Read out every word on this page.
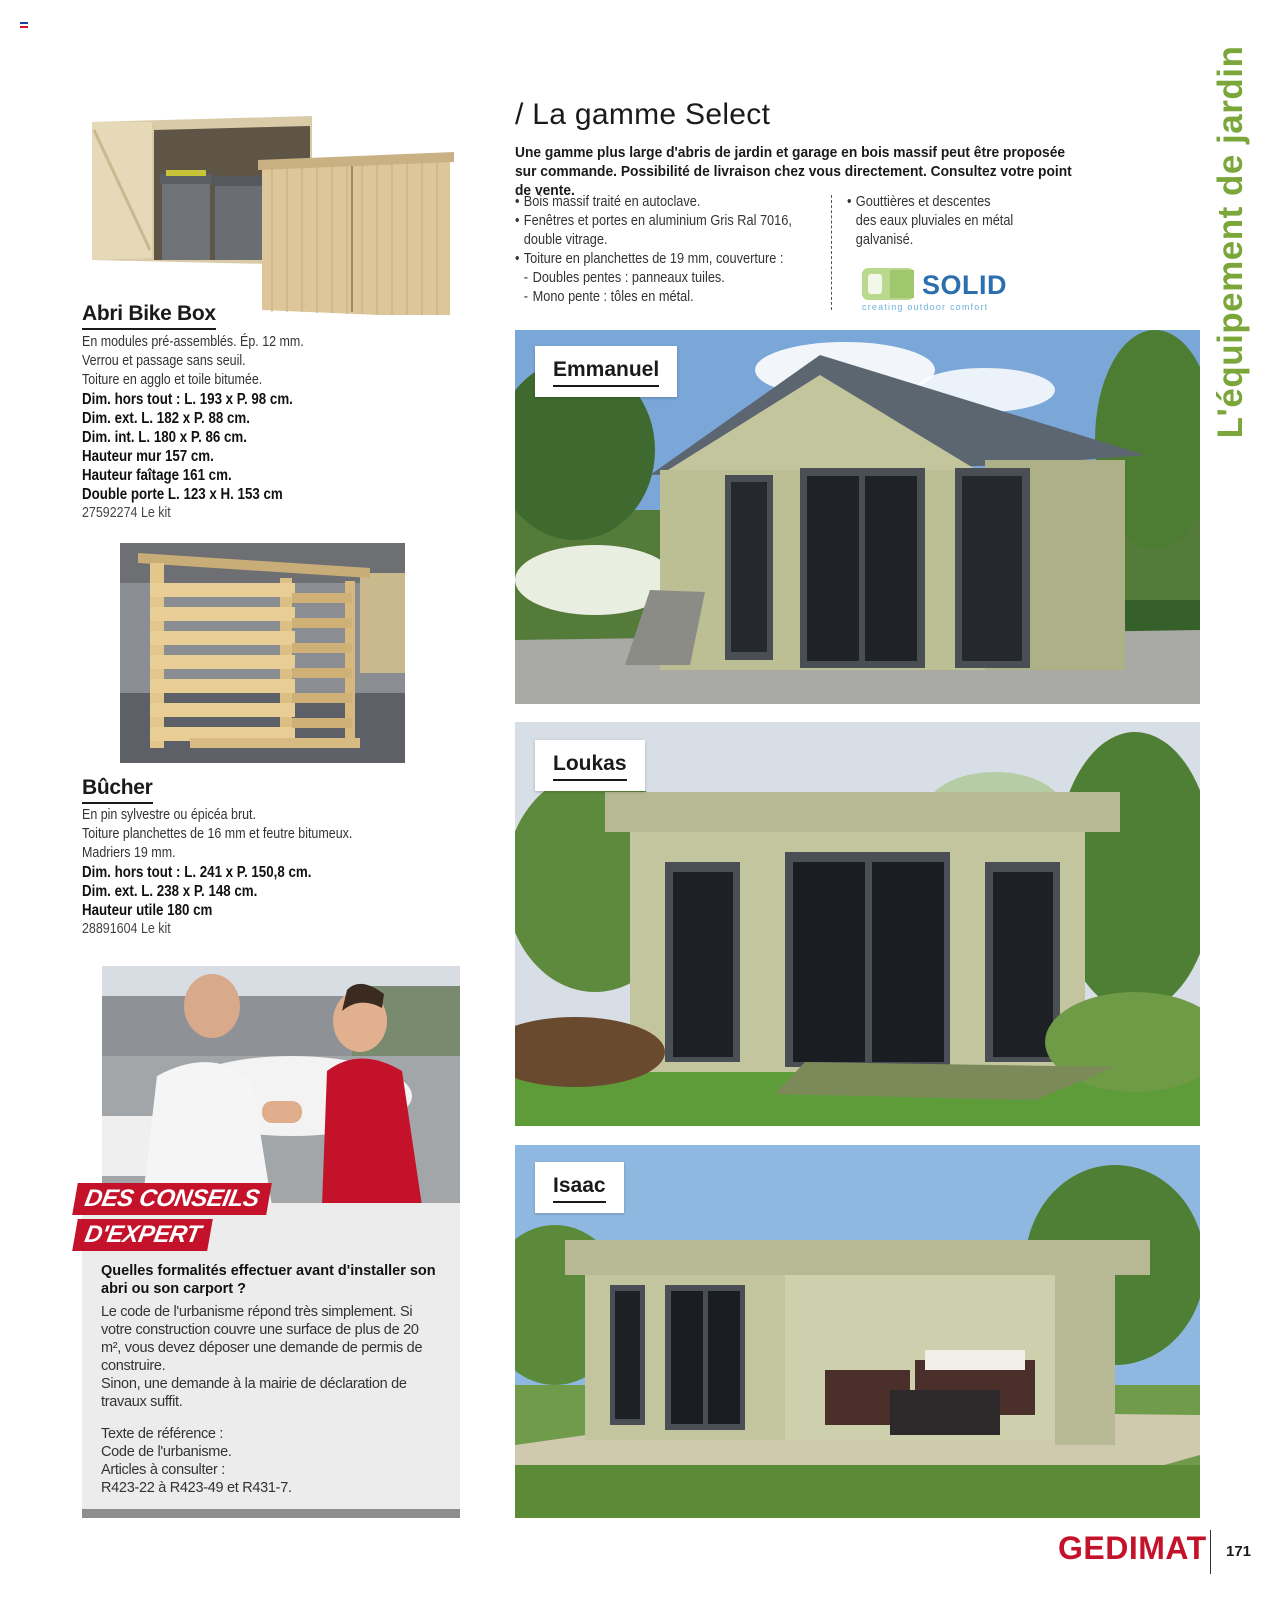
Abri Bike Box
En modules pré-assemblés. Ép. 12 mm.
Verrou et passage sans seuil.
Toiture en agglo et toile bitumée.
Dim. hors tout : L. 193 x P. 98 cm.
Dim. ext. L. 182 x P. 88 cm.
Dim. int. L. 180 x P. 86 cm.
Hauteur mur 157 cm.
Hauteur faîtage 161 cm.
Double porte L. 123 x H. 153 cm
27592274 Le kit
Bûcher
En pin sylvestre ou épicéa brut.
Toiture planchettes de 16 mm et feutre bitumeux.
Madriers 19 mm.
Dim. hors tout : L. 241 x P. 150,8 cm.
Dim. ext. L. 238 x P. 148 cm.
Hauteur utile 180 cm
28891604 Le kit
DES CONSEILS
D'EXPERT
Quelles formalités effectuer avant d'installer son abri ou son carport ?
Le code de l'urbanisme répond très simplement. Si votre construction couvre une surface de plus de 20 m², vous devez déposer une demande de permis de construire.
Sinon, une demande à la mairie de déclaration de travaux suffit.
Texte de référence :
Code de l'urbanisme.
Articles à consulter :
R423-22 à R423-49 et R431-7.
/ La gamme Select
Une gamme plus large d'abris de jardin et garage en bois massif peut être proposée sur commande. Possibilité de livraison chez vous directement. Consultez votre point de vente.
• Bois massif traité en autoclave.
• Fenêtres et portes en aluminium Gris Ral 7016,
double vitrage.
• Toiture en planchettes de 19 mm, couverture :
- Doubles pentes : panneaux tuiles.
- Mono pente : tôles en métal.
• Gouttières et descentes
des eaux pluviales en métal
galvanisé.
SOLID
creating outdoor comfort
Emmanuel
Loukas
Isaac
L'équipement de jardin
GEDIMAT 171
